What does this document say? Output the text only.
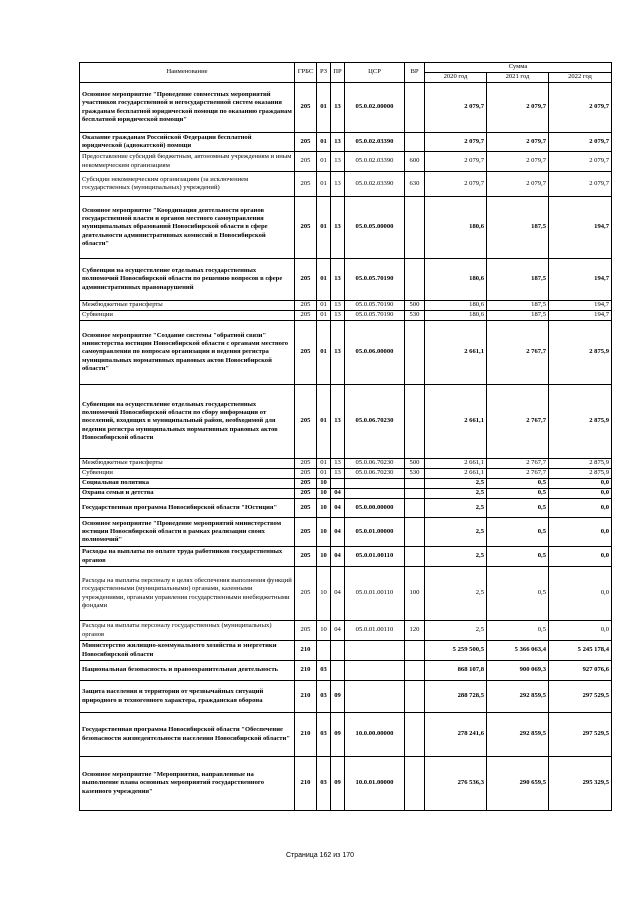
Наименование	ГРБС	РЗ	ПР	ЦСР	ВР	Сумма		
						2020 год	2021 год	2022 год
Основное мероприятие "Проведение совместных мероприятий участников государственной и негосударственной систем оказания гражданам бесплатной юридической помощи по оказанию гражданам бесплатной юридической помощи"	205	01	13	05.0.02.00000		2 079,7	2 079,7	2 079,7
Оказание гражданам Российской Федерации бесплатной юридической (адвокатской) помощи	205	01	13	05.0.02.03390		2 079,7	2 079,7	2 079,7
Предоставление субсидий бюджетным, автономным учреждениям и иным некоммерческим организациям	205	01	13	05.0.02.03390	600	2 079,7	2 079,7	2 079,7
Субсидии некоммерческим организациям (за исключением государственных (муниципальных) учреждений)	205	01	13	05.0.02.03390	630	2 079,7	2 079,7	2 079,7
Основное мероприятие "Координация деятельности органов государственной власти и органов местного самоуправления муниципальных образований Новосибирской области в сфере деятельности административных комиссий в Новосибирской области"	205	01	13	05.0.05.00000		180,6	187,5	194,7
Субвенции на осуществление отдельных государственных полномочий Новосибирской области по решению вопросов в сфере административных правонарушений	205	01	13	05.0.05.70190		180,6	187,5	194,7
Межбюджетные трансферты	205	01	13	05.0.05.70190	500	180,6	187,5	194,7
Субвенции	205	01	13	05.0.05.70190	530	180,6	187,5	194,7
Основное мероприятие "Создание системы "обратной связи" министерства юстиции Новосибирской области с органами местного самоуправления по вопросам организации и ведения регистра муниципальных нормативных правовых актов Новосибирской области"	205	01	13	05.0.06.00000		2 661,1	2 767,7	2 875,9
Субвенции на осуществление отдельных государственных полномочий Новосибирской области по сбору информации от поселений, входящих в муниципальный район, необходимой для ведения регистра муниципальных нормативных правовых актов Новосибирской области	205	01	13	05.0.06.70230		2 661,1	2 767,7	2 875,9
Межбюджетные трансферты	205	01	13	05.0.06.70230	500	2 661,1	2 767,7	2 875,9
Субвенции	205	01	13	05.0.06.70230	530	2 661,1	2 767,7	2 875,9
Социальная политика	205	10				2,5	0,5	0,0
Охрана семьи и детства	205	10	04			2,5	0,5	0,0
Государственная программа Новосибирской области "Юстиция"	205	10	04	05.0.00.00000		2,5	0,5	0,0
Основное мероприятие "Проведение мероприятий министерством юстиции Новосибирской области в рамках реализации своих полномочий"	205	10	04	05.0.01.00000		2,5	0,5	0,0
Расходы на выплаты по оплате труда работников государственных органов	205	10	04	05.0.01.00110		2,5	0,5	0,0
Расходы на выплаты персоналу в целях обеспечения выполнения функций государственными (муниципальными) органами, казенными учреждениями, органами управления государственными внебюджетными фондами	205	10	04	05.0.01.00110	100	2,5	0,5	0,0
Расходы на выплаты персоналу государственных (муниципальных) органов	205	10	04	05.0.01.00110	120	2,5	0,5	0,0
Министерство жилищно-коммунального хозяйства и энергетики Новосибирской области	210					5 259 500,5	5 366 063,4	5 245 178,4
Национальная безопасность и правоохранительная деятельность	210	03				868 107,8	900 069,3	927 076,6
Защита населения и территории от чрезвычайных ситуаций природного и техногенного характера, гражданская оборона	210	03	09			288 728,5	292 859,5	297 529,5
Государственная программа Новосибирской области "Обеспечение безопасности жизнедеятельности населения Новосибирской области"	210	03	09	10.0.00.00000		278 241,6	292 859,5	297 529,5
Основное мероприятие "Мероприятия, направленные на выполнение плана основных мероприятий государственного казенного учреждения"	210	03	09	10.0.01.00000		276 536,3	290 659,5	295 329,5
Страница 162 из 170
